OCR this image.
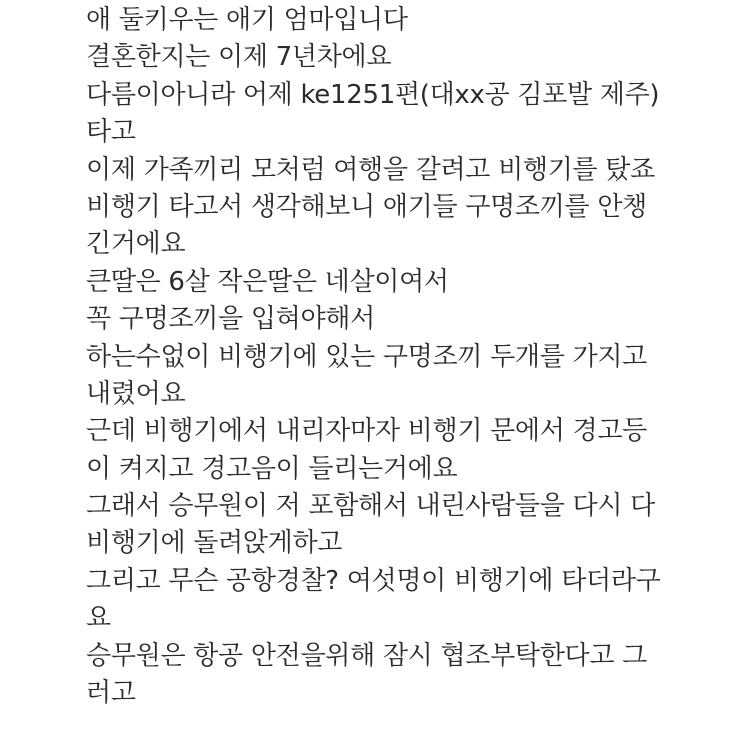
애 둘키우는 애기 엄마입니다
결혼한지는 이제 7년차에요
다름이아니라 어제 ke1251편(대xx공 김포발 제주)
타고
이제 가족끼리 모처럼 여행을 갈려고 비행기를 탔죠
비행기 타고서 생각해보니 애기들 구명조끼를 안챙
긴거에요
큰딸은 6살 작은딸은 네살이여서
꼭 구명조끼을 입혀야해서
하는수없이 비행기에 있는 구명조끼 두개를 가지고
내렸어요
근데 비행기에서 내리자마자 비행기 문에서 경고등
이 켜지고 경고음이 들리는거에요
그래서 승무원이 저 포함해서 내린사람들을 다시 다
비행기에 돌려앉게하고
그리고 무슨 공항경찰? 여섯명이 비행기에 타더라구
요
승무원은 항공 안전을위해 잠시 협조부탁한다고 그
러고
